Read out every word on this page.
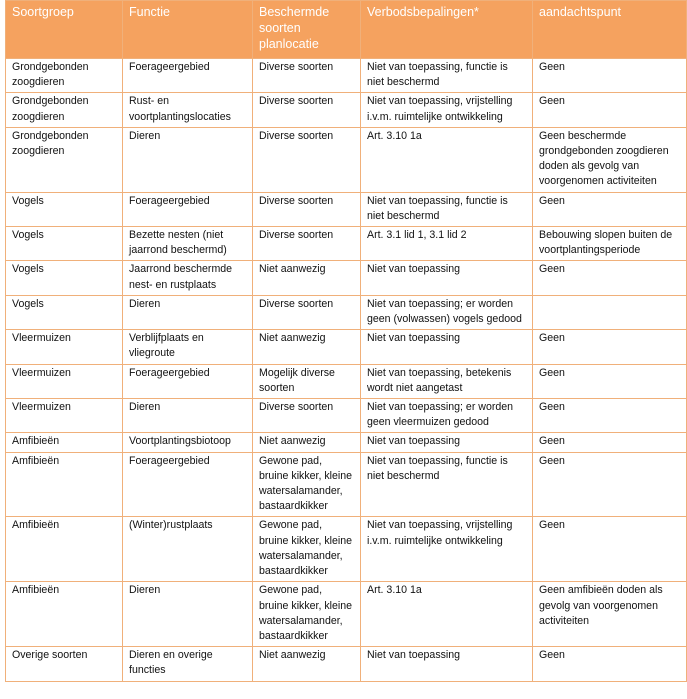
Soortgroep	Functie	Beschermde soorten planlocatie	Verbodsbepalingen*	aandachtspunt
Grondgebonden zoogdieren	Foerageergebied	Diverse soorten	Niet van toepassing, functie is niet beschermd	Geen
Grondgebonden zoogdieren	Rust- en voortplantingslocaties	Diverse soorten	Niet van toepassing, vrijstelling i.v.m. ruimtelijke ontwikkeling	Geen
Grondgebonden zoogdieren	Dieren	Diverse soorten	Art. 3.10 1a	Geen beschermde grondgebonden zoogdieren doden als gevolg van voorgenomen activiteiten
Vogels	Foerageergebied	Diverse soorten	Niet van toepassing, functie is niet beschermd	Geen
Vogels	Bezette nesten (niet jaarrond beschermd)	Diverse soorten	Art. 3.1 lid 1, 3.1 lid 2	Bebouwing slopen buiten de voortplantingsperiode
Vogels	Jaarrond beschermde nest- en rustplaats	Niet aanwezig	Niet van toepassing	Geen
Vogels	Dieren	Diverse soorten	Niet van toepassing; er worden geen (volwassen) vogels gedood	
Vleermuizen	Verblijfplaats en vliegroute	Niet aanwezig	Niet van toepassing	Geen
Vleermuizen	Foerageergebied	Mogelijk diverse soorten	Niet van toepassing, betekenis wordt niet aangetast	Geen
Vleermuizen	Dieren	Diverse soorten	Niet van toepassing; er worden geen vleermuizen gedood	Geen
Amfibieën	Voortplantingsbiotoop	Niet aanwezig	Niet van toepassing	Geen
Amfibieën	Foerageergebied	Gewone pad, bruine kikker, kleine watersalamander, bastaardkikker	Niet van toepassing, functie is niet beschermd	Geen
Amfibieën	(Winter)rustplaats	Gewone pad, bruine kikker, kleine watersalamander, bastaardkikker	Niet van toepassing, vrijstelling i.v.m. ruimtelijke ontwikkeling	Geen
Amfibieën	Dieren	Gewone pad, bruine kikker, kleine watersalamander, bastaardkikker	Art. 3.10 1a	Geen amfibieën doden als gevolg van voorgenomen activiteiten
Overige soorten	Dieren en overige functies	Niet aanwezig	Niet van toepassing	Geen
